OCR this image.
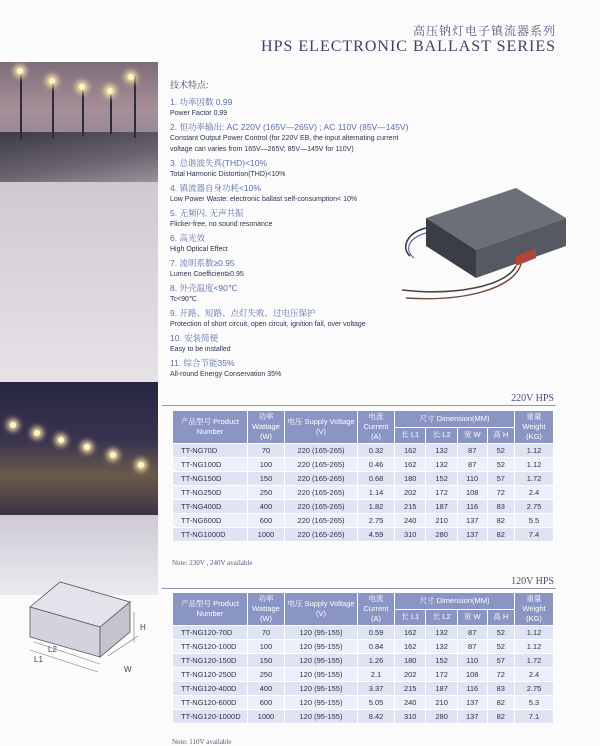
高压钠灯电子镇流器系列
HPS ELECTRONIC BALLAST SERIES
技术特点:
1. 功率因数 0.99
Power Factor 0.99
2. 恒功率输出: AC 220V (165V—265V) ; AC 110V (85V—145V)
Constant Output Power Control (for 220V EB, the input alternating current voltage can varies from 165V—265V; 85V—145V for 110V)
3. 总谐波失真(THD)<10%
Total Harmonic Distortion(THD)<10%
4. 镇流器自身功耗<10%
Low Power Waste: electronic ballast self-consumption< 10%
5. 无频闪, 无声共振
Flicker-free, no sound resonance
6. 高光效
High Optical Effect
7. 流明系数≥0.95
Lumen Coefficient≥0.95
8. 外壳温度<90℃
Tc<90℃
9. 开路、短路、点灯失败、过电压保护
Protection of short circuit, open circuit, ignition fail, over voltage
10. 安装简便
Easy to be installed
11. 综合节能35%
All-round Energy Conservation 35%
220V HPS
产品型号 Product Number	功率 Wattage (W)	电压 Supply Voltage (V)	电流 Current (A)	尺寸 Dimension(MM)				重量 Weight (KG)
				长 L1	长 L2	宽 W	高 H	
TT-NG70D	70	220 (165-265)	0.32	162	132	87	52	1.12
TT-NG100D	100	220 (165-265)	0.46	162	132	87	52	1.12
TT-NG150D	150	220 (165-265)	0.68	180	152	110	57	1.72
TT-NG250D	250	220 (165-265)	1.14	202	172	108	72	2.4
TT-NG400D	400	220 (165-265)	1.82	215	187	116	83	2.75
TT-NG600D	600	220 (165-265)	2.75	240	210	137	82	5.5
TT-NG1000D	1000	220 (165-265)	4.59	310	280	137	82	7.4
Note: 230V , 240V available
120V HPS
产品型号 Product Number	功率 Wattage (W)	电压 Supply Voltage (V)	电流 Current (A)	尺寸 Dimension(MM)				重量 Weight (KG)
				长 L1	长 L2	宽 W	高 H	
TT-NG120-70D	70	120 (95-155)	0.59	162	132	87	52	1.12
TT-NG120-100D	100	120 (95-155)	0.84	162	132	87	52	1.12
TT-NG120-150D	150	120 (95-155)	1.26	180	152	110	57	1.72
TT-NG120-250D	250	120 (95-155)	2.1	202	172	108	72	2.4
TT-NG120-400D	400	120 (95-155)	3.37	215	187	116	83	2.75
TT-NG120-600D	600	120 (95-155)	5.05	240	210	137	82	5.3
TT-NG120-1000D	1000	120 (95-155)	8.42	310	280	137	82	7.1
Note: 110V available
H
L2
L1
W
